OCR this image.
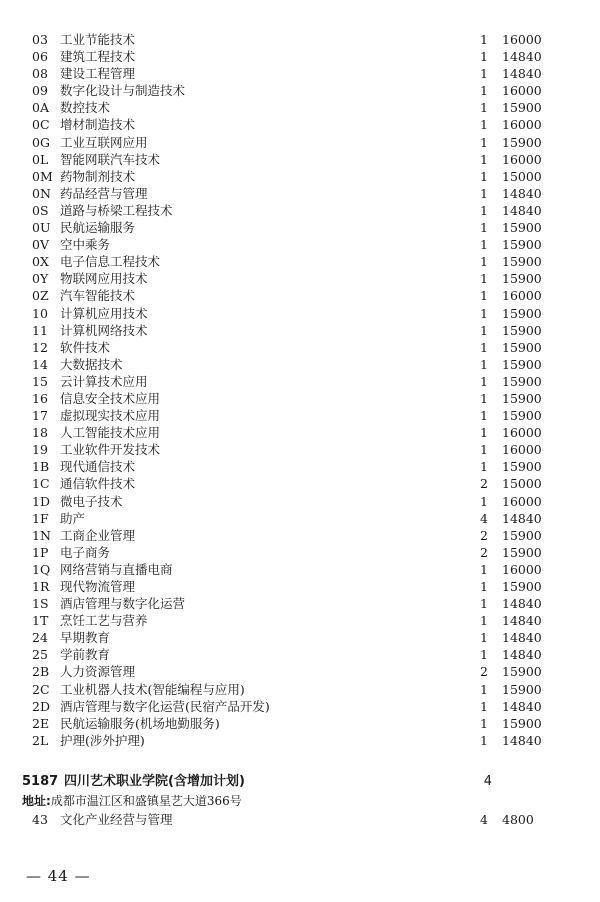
03 工业节能技术	1 16000
06 建筑工程技术	1 14840
08 建设工程管理	1 14840
09 数字化设计与制造技术	1 16000
0A 数控技术	1 15900
0C 增材制造技术	1 16000
0G 工业互联网应用	1 15900
0L 智能网联汽车技术	1 16000
0M 药物制剂技术	1 15000
0N 药品经营与管理	1 14840
0S 道路与桥梁工程技术	1 14840
0U 民航运输服务	1 15900
0V 空中乘务	1 15900
0X 电子信息工程技术	1 15900
0Y 物联网应用技术	1 15900
0Z 汽车智能技术	1 16000
10 计算机应用技术	1 15900
11 计算机网络技术	1 15900
12 软件技术	1 15900
14 大数据技术	1 15900
15 云计算技术应用	1 15900
16 信息安全技术应用	1 15900
17 虚拟现实技术应用	1 15900
18 人工智能技术应用	1 16000
19 工业软件开发技术	1 16000
1B 现代通信技术	1 15900
1C 通信软件技术	2 15000
1D 微电子技术	1 16000
1F 助产	4 14840
1N 工商企业管理	2 15900
1P 电子商务	2 15900
1Q 网络营销与直播电商	1 16000
1R 现代物流管理	1 15900
1S 酒店管理与数字化运营	1 14840
1T 烹饪工艺与营养	1 14840
24 早期教育	1 14840
25 学前教育	1 14840
2B 人力资源管理	2 15900
2C 工业机器人技术(智能编程与应用)	1 15900
2D 酒店管理与数字化运营(民宿产品开发)	1 14840
2E 民航运输服务(机场地勤服务)	1 15900
2L 护理(涉外护理)	1 14840
5187 四川艺术职业学院(含增加计划)	4
地址:成都市温江区和盛镇星艺大道366号
43 文化产业经营与管理	4 4800
— 44 —
